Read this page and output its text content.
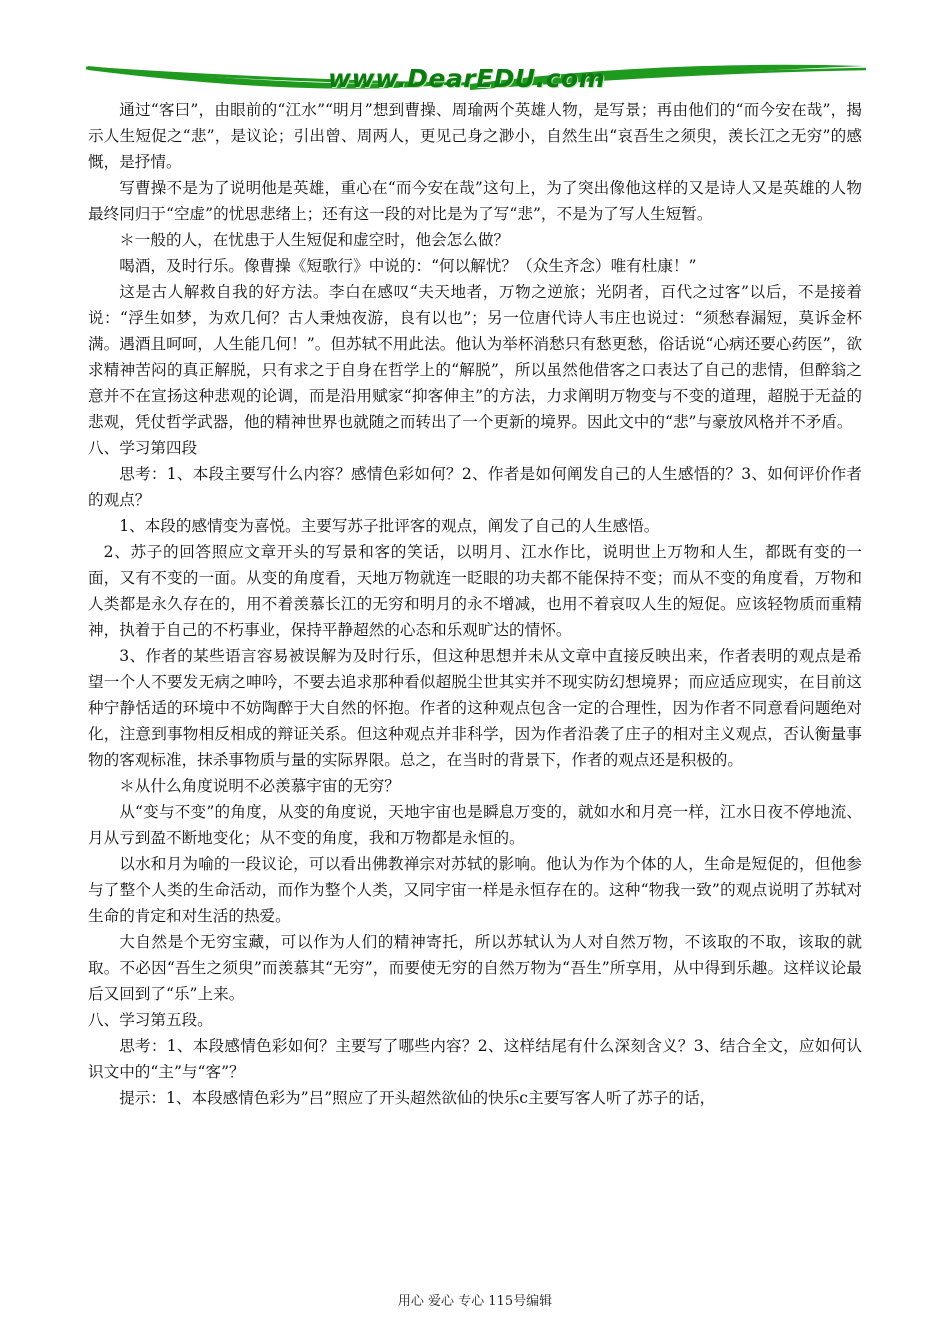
www.DearEDU.com

通过“客曰”，由眼前的“江水”“明月”想到曹操、周瑜两个英雄人物，是写景；再由他们的“而今安在哉”，揭示人生短促之“悲”，是议论；引出曾、周两人，更见己身之渺小，自然生出“哀吾生之须臾，羡长江之无穷”的感慨，是抒情。

写曹操不是为了说明他是英雄，重心在“而今安在哉”这句上，为了突出像他这样的又是诗人又是英雄的人物最终同归于“空虚”的忧思悲绪上；还有这一段的对比是为了写“悲”，不是为了写人生短暂。

＊一般的人，在忧患于人生短促和虚空时，他会怎么做？

喝酒，及时行乐。像曹操《短歌行》中说的：“何以解忧？（众生齐念）唯有杜康！”

这是古人解救自我的好方法。李白在感叹“夫天地者，万物之逆旅；光阴者，百代之过客”以后，不是接着说：“浮生如梦，为欢几何？古人秉烛夜游，良有以也”；另一位唐代诗人韦庄也说过：“须愁春漏短，莫诉金杯满。遇酒且呵呵，人生能几何！”。但苏轼不用此法。他认为举杯消愁只有愁更愁，俗话说“心病还要心药医”，欲求精神苦闷的真正解脱，只有求之于自身在哲学上的“解脱”，所以虽然他借客之口表达了自己的悲情，但醉翁之意并不在宣扬这种悲观的论调，而是沿用赋家“抑客伸主”的方法，力求阐明万物变与不变的道理，超脱于无益的悲观，凭仗哲学武器，他的精神世界也就随之而转出了一个更新的境界。因此文中的“悲”与豪放风格并不矛盾。

八、学习第四段

思考：1、本段主要写什么内容？感情色彩如何？2、作者是如何阐发自己的人生感悟的？3、如何评价作者的观点？

1、本段的感情变为喜悦。主要写苏子批评客的观点，阐发了自己的人生感悟。

2、苏子的回答照应文章开头的写景和客的笑话，以明月、江水作比，说明世上万物和人生，都既有变的一面，又有不变的一面。从变的角度看，天地万物就连一眨眼的功夫都不能保持不变；而从不变的角度看，万物和人类都是永久存在的，用不着羡慕长江的无穷和明月的永不增减，也用不着哀叹人生的短促。应该轻物质而重精神，执着于自己的不朽事业，保持平静超然的心态和乐观旷达的情怀。

3、作者的某些语言容易被误解为及时行乐，但这种思想并未从文章中直接反映出来，作者表明的观点是希望一个人不要发无病之呻吟，不要去追求那种看似超脱尘世其实并不现实防幻想境界；而应适应现实，在目前这种宁静恬适的环境中不妨陶醉于大自然的怀抱。作者的这种观点包含一定的合理性，因为作者不同意看问题绝对化，注意到事物相反相成的辩证关系。但这种观点并非科学，因为作者沿袭了庄子的相对主义观点，否认衡量事物的客观标准，抹杀事物质与量的实际界限。总之，在当时的背景下，作者的观点还是积极的。

＊从什么角度说明不必羡慕宇宙的无穷？

从“变与不变”的角度，从变的角度说，天地宇宙也是瞬息万变的，就如水和月亮一样，江水日夜不停地流、月从亏到盈不断地变化；从不变的角度，我和万物都是永恒的。

以水和月为喻的一段议论，可以看出佛教禅宗对苏轼的影响。他认为作为个体的人，生命是短促的，但他参与了整个人类的生命活动，而作为整个人类，又同宇宙一样是永恒存在的。这种“物我一致”的观点说明了苏轼对生命的肯定和对生活的热爱。

大自然是个无穷宝藏，可以作为人们的精神寄托，所以苏轼认为人对自然万物，不该取的不取，该取的就取。不必因“吾生之须臾”而羡慕其“无穷”，而要使无穷的自然万物为“吾生”所享用，从中得到乐趣。这样议论最后又回到了“乐”上来。

八、学习第五段。

思考：1、本段感情色彩如何？主要写了哪些内容？2、这样结尾有什么深刻含义？3、结合全文，应如何认识文中的“主”与“客”？

提示：1、本段感情色彩为”吕”照应了开头超然欲仙的快乐c主要写客人听了苏子的话，

用心 爱心 专心 115号编辑
